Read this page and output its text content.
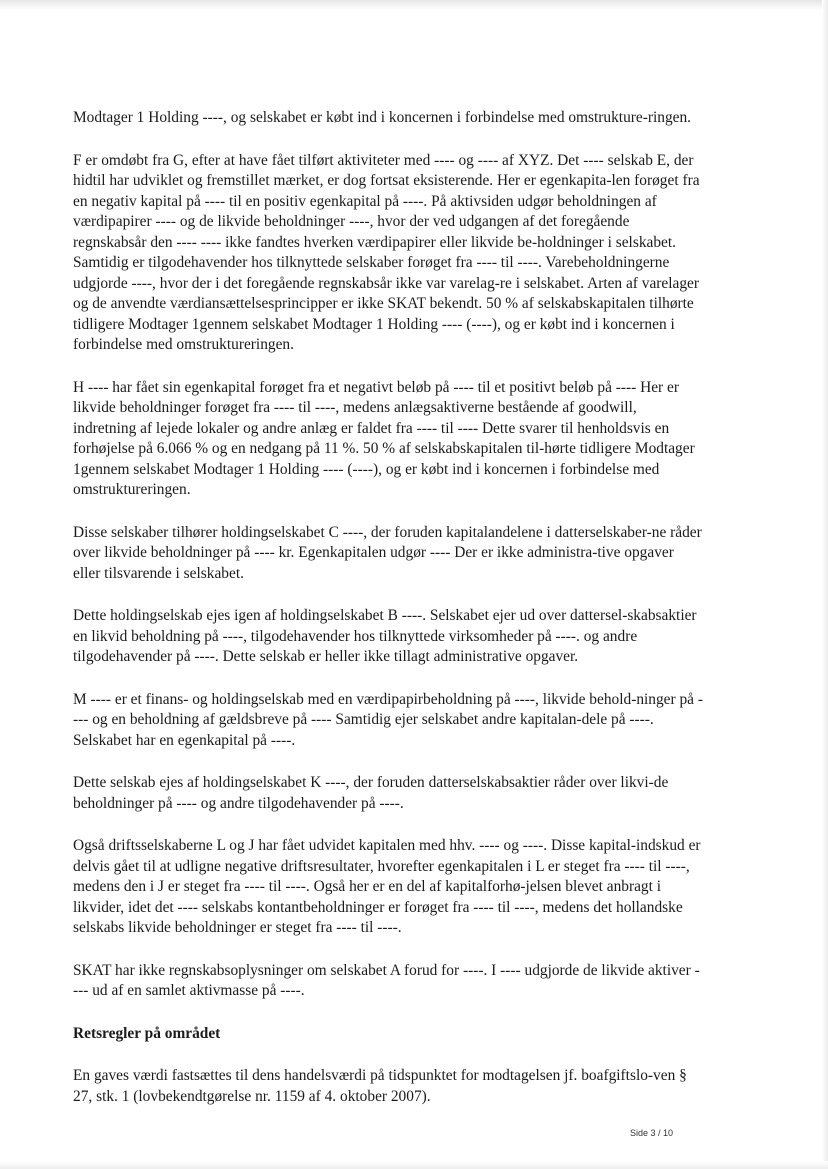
Modtager 1 Holding ----, og selskabet er købt ind i koncernen i forbindelse med omstrukture-ringen.

F er omdøbt fra G, efter at have fået tilført aktiviteter med ---- og ---- af XYZ. Det ---- selskab E, der hidtil har udviklet og fremstillet mærket, er dog fortsat eksisterende. Her er egenkapita-len forøget fra en negativ kapital på ---- til en positiv egenkapital på ----. På aktivsiden udgør beholdningen af værdipapirer ---- og de likvide beholdninger ----, hvor der ved udgangen af det foregående regnskabsår den ---- ---- ikke fandtes hverken værdipapirer eller likvide be-holdninger i selskabet. Samtidig er tilgodehavender hos tilknyttede selskaber forøget fra ---- til ----. Varebeholdningerne udgjorde ----, hvor der i det foregående regnskabsår ikke var varelag-re i selskabet. Arten af varelager og de anvendte værdiansættelsesprincipper er ikke SKAT bekendt. 50 % af selskabskapitalen tilhørte tidligere Modtager 1gennem selskabet Modtager 1 Holding ---- (----), og er købt ind i koncernen i forbindelse med omstruktureringen.

H ---- har fået sin egenkapital forøget fra et negativt beløb på ---- til et positivt beløb på ---- Her er likvide beholdninger forøget fra ---- til ----, medens anlægsaktiverne bestående af goodwill, indretning af lejede lokaler og andre anlæg er faldet fra ---- til ---- Dette svarer til henholdsvis en forhøjelse på 6.066 % og en nedgang på 11 %. 50 % af selskabskapitalen til-hørte tidligere Modtager 1gennem selskabet Modtager 1 Holding ---- (----), og er købt ind i koncernen i forbindelse med omstruktureringen.

Disse selskaber tilhører holdingselskabet C ----, der foruden kapitalandelene i datterselskaber-ne råder over likvide beholdninger på ---- kr. Egenkapitalen udgør ---- Der er ikke administra-tive opgaver eller tilsvarende i selskabet.

Dette holdingselskab ejes igen af holdingselskabet B ----. Selskabet ejer ud over dattersel-skabsaktier en likvid beholdning på ----, tilgodehavender hos tilknyttede virksomheder på ----. og andre tilgodehavender på ----. Dette selskab er heller ikke tillagt administrative opgaver.

M ---- er et finans- og holdingselskab med en værdipapirbeholdning på ----, likvide behold-ninger på ---- og en beholdning af gældsbreve på ---- Samtidig ejer selskabet andre kapitalan-dele på ----. Selskabet har en egenkapital på ----.

Dette selskab ejes af holdingselskabet K ----, der foruden datterselskabsaktier råder over likvi-de beholdninger på ---- og andre tilgodehavender på ----.

Også driftsselskaberne L og J har fået udvidet kapitalen med hhv. ---- og ----. Disse kapital-indskud er delvis gået til at udligne negative driftsresultater, hvorefter egenkapitalen i L er steget fra ---- til ----, medens den i J er steget fra ---- til ----. Også her er en del af kapitalforhø-jelsen blevet anbragt i likvider, idet det ---- selskabs kontantbeholdninger er forøget fra ---- til ----, medens det hollandske selskabs likvide beholdninger er steget fra ---- til ----.

SKAT har ikke regnskabsoplysninger om selskabet A forud for ----. I ---- udgjorde de likvide aktiver ---- ud af en samlet aktivmasse på ----.

Retsregler på området

En gaves værdi fastsættes til dens handelsværdi på tidspunktet for modtagelsen jf. boafgiftslo-ven § 27, stk. 1 (lovbekendtgørelse nr. 1159 af 4. oktober 2007).

Side 3 / 10
